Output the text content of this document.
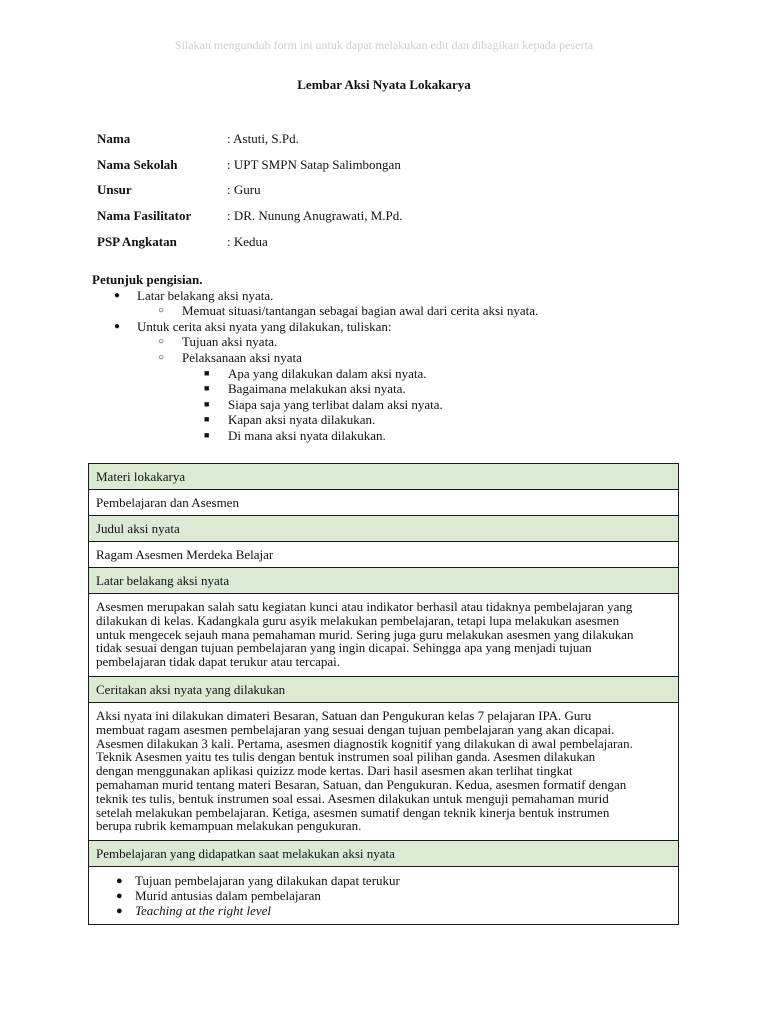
Silakan mengunduh form ini untuk dapat melakukan edit dan dibagikan kepada peserta
Lembar Aksi Nyata Lokakarya
Nama	: Astuti, S.Pd.
Nama Sekolah	: UPT SMPN Satap Salimbongan
Unsur	: Guru
Nama Fasilitator	: DR. Nunung Anugrawati, M.Pd.
PSP Angkatan	: Kedua
Petunjuk pengisian.
● Latar belakang aksi nyata.
○ Memuat situasi/tantangan sebagai bagian awal dari cerita aksi nyata.
● Untuk cerita aksi nyata yang dilakukan, tuliskan:
○ Tujuan aksi nyata.
○ Pelaksanaan aksi nyata
■ Apa yang dilakukan dalam aksi nyata.
■ Bagaimana melakukan aksi nyata.
■ Siapa saja yang terlibat dalam aksi nyata.
■ Kapan aksi nyata dilakukan.
■ Di mana aksi nyata dilakukan.
Materi lokakarya
Pembelajaran dan Asesmen
Judul aksi nyata
Ragam Asesmen Merdeka Belajar
Latar belakang aksi nyata
Asesmen merupakan salah satu kegiatan kunci atau indikator berhasil atau tidaknya pembelajaran yang
dilakukan di kelas. Kadangkala guru asyik melakukan pembelajaran, tetapi lupa melakukan asesmen
untuk mengecek sejauh mana pemahaman murid. Sering juga guru melakukan asesmen yang dilakukan
tidak sesuai dengan tujuan pembelajaran yang ingin dicapai. Sehingga apa yang menjadi tujuan
pembelajaran tidak dapat terukur atau tercapai.
Ceritakan aksi nyata yang dilakukan
Aksi nyata ini dilakukan dimateri Besaran, Satuan dan Pengukuran kelas 7 pelajaran IPA. Guru
membuat ragam asesmen pembelajaran yang sesuai dengan tujuan pembelajaran yang akan dicapai.
Asesmen dilakukan 3 kali. Pertama, asesmen diagnostik kognitif yang dilakukan di awal pembelajaran.
Teknik Asesmen yaitu tes tulis dengan bentuk instrumen soal pilihan ganda. Asesmen dilakukan
dengan menggunakan aplikasi quizizz mode kertas. Dari hasil asesmen akan terlihat tingkat
pemahaman murid tentang materi Besaran, Satuan, dan Pengukuran. Kedua, asesmen formatif dengan
teknik tes tulis, bentuk instrumen soal essai. Asesmen dilakukan untuk menguji pemahaman murid
setelah melakukan pembelajaran. Ketiga, asesmen sumatif dengan teknik kinerja bentuk instrumen
berupa rubrik kemampuan melakukan pengukuran.
Pembelajaran yang didapatkan saat melakukan aksi nyata
● Tujuan pembelajaran yang dilakukan dapat terukur
● Murid antusias dalam pembelajaran
● Teaching at the right level
